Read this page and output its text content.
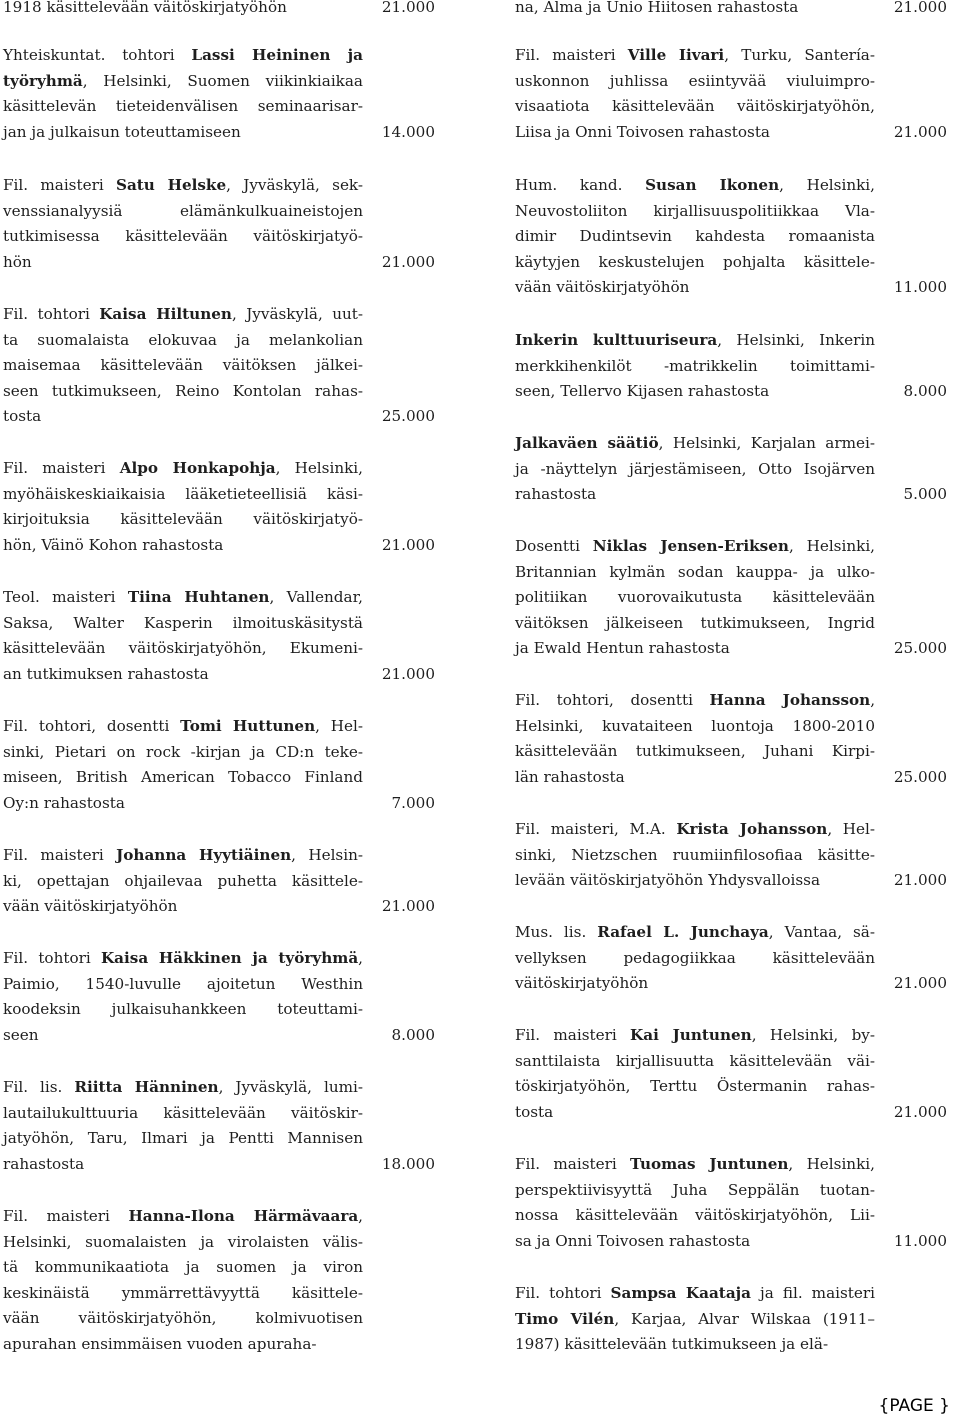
1918 käsittelevään väitöskirjatyöhön	21.000
Yhteiskuntat. tohtori Lassi Heininen ja
työryhmä, Helsinki, Suomen viikinkiaikaa
käsittelevän tieteidenvälisen seminaarisar-
jan ja julkaisun toteuttamiseen	14.000
Fil. maisteri Satu Helske, Jyväskylä, sek-
venssianalyysiä elämänkulkuaineistojen
tutkimisessa käsittelevään väitöskirjatyö-
hön	21.000
Fil. tohtori Kaisa Hiltunen, Jyväskylä, uut-
ta suomalaista elokuvaa ja melankolian
maisemaa käsittelevään väitöksen jälkei-
seen tutkimukseen, Reino Kontolan rahas-
tosta	25.000
Fil. maisteri Alpo Honkapohja, Helsinki,
myöhäiskeskiaikaisia lääketieteellisiä käsi-
kirjoituksia käsittelevään väitöskirjatyö-
hön, Väinö Kohon rahastosta	21.000
Teol. maisteri Tiina Huhtanen, Vallendar,
Saksa, Walter Kasperin ilmoituskäsitystä
käsittelevään väitöskirjatyöhön, Ekumeni-
an tutkimuksen rahastosta	21.000
Fil. tohtori, dosentti Tomi Huttunen, Hel-
sinki, Pietari on rock -kirjan ja CD:n teke-
miseen, British American Tobacco Finland
Oy:n rahastosta	7.000
Fil. maisteri Johanna Hyytiäinen, Helsin-
ki, opettajan ohjailevaa puhetta käsittele-
vään väitöskirjatyöhön	21.000
Fil. tohtori Kaisa Häkkinen ja työryhmä,
Paimio, 1540-luvulle ajoitetun Westhin
koodeksin julkaisuhankkeen toteuttami-
seen	8.000
Fil. lis. Riitta Hänninen, Jyväskylä, lumi-
lautailukulttuuria käsittelevään väitöskir-
jatyöhön, Taru, Ilmari ja Pentti Mannisen
rahastosta	18.000
Fil. maisteri Hanna-Ilona Härmävaara,
Helsinki, suomalaisten ja virolaisten välis-
tä kommunikaatiota ja suomen ja viron
keskinäistä ymmärrettävyyttä käsittele-
vään väitöskirjatyöhön, kolmivuotisen
apurahan ensimmäisen vuoden apuraha-
na, Alma ja Unio Hiitosen rahastosta	21.000
Fil. maisteri Ville Iivari, Turku, Santería-
uskonnon juhlissa esiintyvää viuluimpro-
visaatiota käsittelevään väitöskirjatyöhön,
Liisa ja Onni Toivosen rahastosta	21.000
Hum. kand. Susan Ikonen, Helsinki,
Neuvostoliiton kirjallisuuspolitiikkaa Vla-
dimir Dudintsevin kahdesta romaanista
käytyjen keskustelujen pohjalta käsittele-
vään väitöskirjatyöhön	11.000
Inkerin kulttuuriseura, Helsinki, Inkerin
merkkihenkilöt -matrikkelin toimittami-
seen, Tellervo Kijasen rahastosta	8.000
Jalkaväen säätiö, Helsinki, Karjalan armei-
ja -näyttelyn järjestämiseen, Otto Isojärven
rahastosta	5.000
Dosentti Niklas Jensen-Eriksen, Helsinki,
Britannian kylmän sodan kauppa- ja ulko-
politiikan vuorovaikutusta käsittelevään
väitöksen jälkeiseen tutkimukseen, Ingrid
ja Ewald Hentun rahastosta	25.000
Fil. tohtori, dosentti Hanna Johansson,
Helsinki, kuvataiteen luontoja 1800-2010
käsittelevään tutkimukseen, Juhani Kirpi-
län rahastosta	25.000
Fil. maisteri, M.A. Krista Johansson, Hel-
sinki, Nietzschen ruumiinfilosofiaa käsitte-
levään väitöskirjatyöhön Yhdysvalloissa	21.000
Mus. lis. Rafael L. Junchaya, Vantaa, sä-
vellyksen pedagogiikkaa käsittelevään
väitöskirjatyöhön	21.000
Fil. maisteri Kai Juntunen, Helsinki, by-
santtilaista kirjallisuutta käsittelevään väi-
töskirjatyöhön, Terttu Östermanin rahas-
tosta	21.000
Fil. maisteri Tuomas Juntunen, Helsinki,
perspektiivisyyttä Juha Seppälän tuotan-
nossa käsittelevään väitöskirjatyöhön, Lii-
sa ja Onni Toivosen rahastosta	11.000
Fil. tohtori Sampsa Kaataja ja fil. maisteri
Timo Vilén, Karjaa, Alvar Wilskaa (1911–
1987) käsittelevään tutkimukseen ja elä-
{PAGE }
